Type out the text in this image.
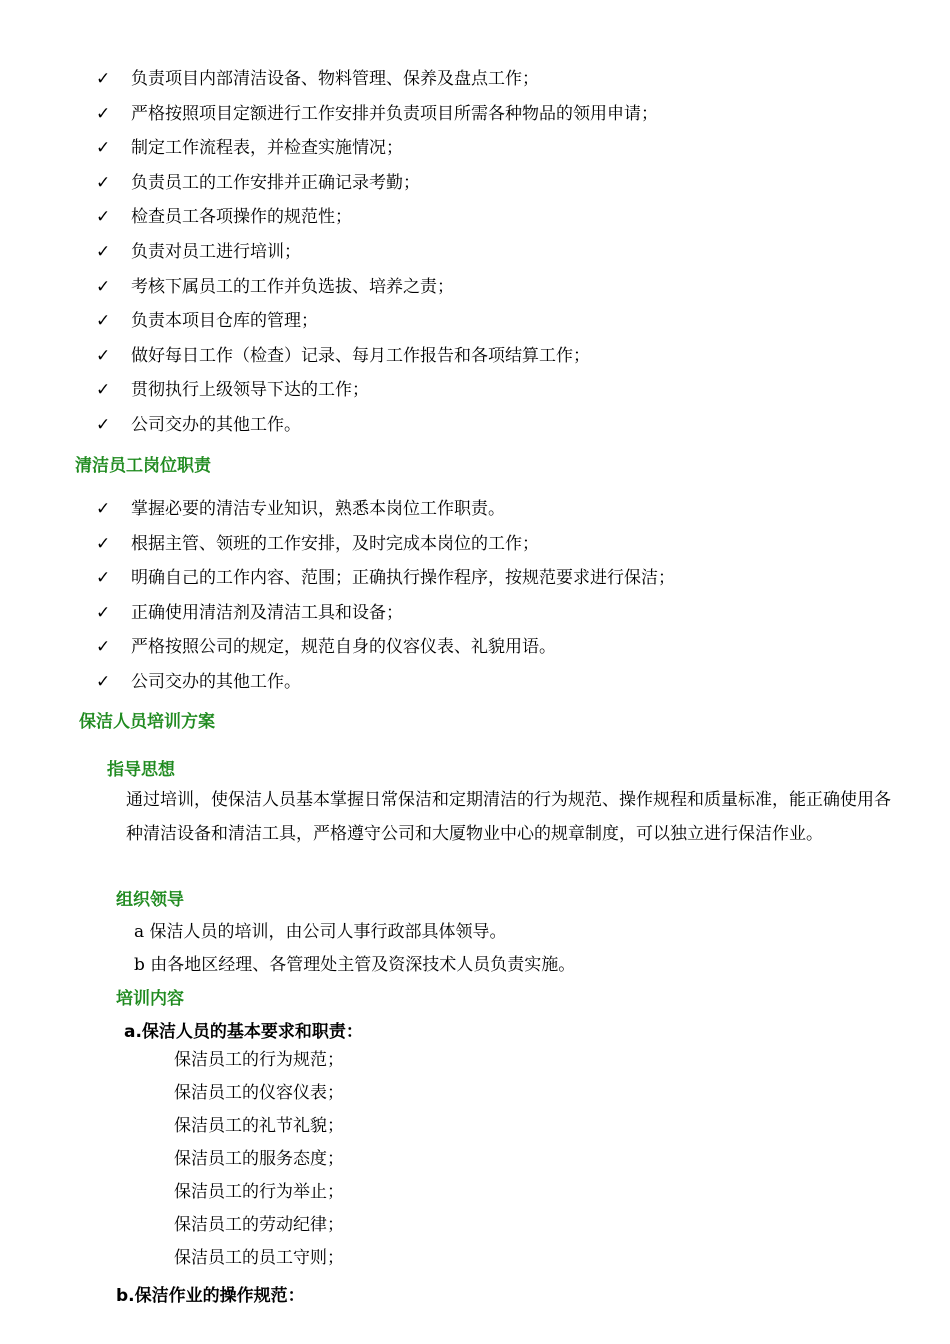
✓	负责项目内部清洁设备、物料管理、保养及盘点工作；
✓	严格按照项目定额进行工作安排并负责项目所需各种物品的领用申请；
✓	制定工作流程表，并检查实施情况；
✓	负责员工的工作安排并正确记录考勤；
✓	检查员工各项操作的规范性；
✓	负责对员工进行培训；
✓	考核下属员工的工作并负选拔、培养之责；
✓	负责本项目仓库的管理；
✓	做好每日工作（检查）记录、每月工作报告和各项结算工作；
✓	贯彻执行上级领导下达的工作；
✓	公司交办的其他工作。
清洁员工岗位职责
✓	掌握必要的清洁专业知识，熟悉本岗位工作职责。
✓	根据主管、领班的工作安排，及时完成本岗位的工作；
✓	明确自己的工作内容、范围；正确执行操作程序，按规范要求进行保洁；
✓	正确使用清洁剂及清洁工具和设备；
✓	严格按照公司的规定，规范自身的仪容仪表、礼貌用语。
✓	公司交办的其他工作。
保洁人员培训方案
指导思想

通过培训，使保洁人员基本掌握日常保洁和定期清洁的行为规范、操作规程和质量标准，能正确使用各种清洁设备和清洁工具，严格遵守公司和大厦物业中心的规章制度，可以独立进行保洁作业。

组织领导

a 保洁人员的培训，由公司人事行政部具体领导。

b 由各地区经理、各管理处主管及资深技术人员负责实施。

培训内容

a.保洁人员的基本要求和职责：

保洁员工的行为规范；
保洁员工的仪容仪表；
保洁员工的礼节礼貌；
保洁员工的服务态度；
保洁员工的行为举止；
保洁员工的劳动纪律；
保洁员工的员工守则；

b.保洁作业的操作规范：
